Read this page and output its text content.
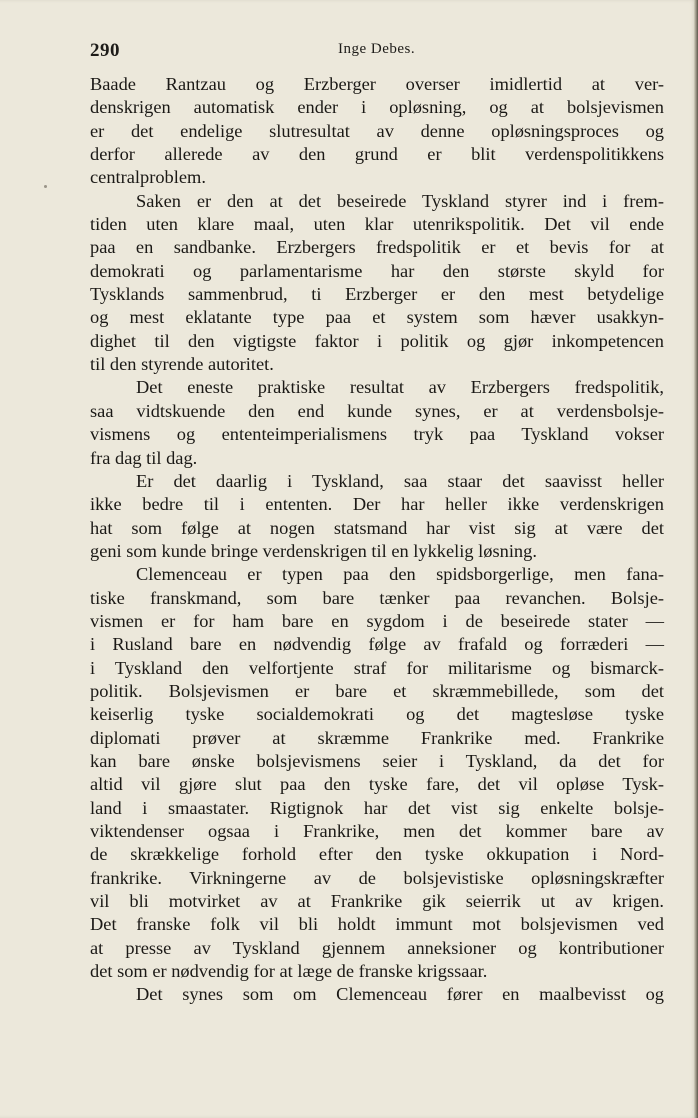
290	Inge Debes.

Baade Rantzau og Erzberger overser imidlertid at ver-
denskrigen automatisk ender i opløsning, og at bolsjevismen
er det endelige slutresultat av denne opløsningsproces og
derfor allerede av den grund er blit verdenspolitikkens
centralproblem.

Saken er den at det beseirede Tyskland styrer ind i frem-
tiden uten klare maal, uten klar utenrikspolitik. Det vil ende
paa en sandbanke. Erzbergers fredspolitik er et bevis for at
demokrati og parlamentarisme har den største skyld for
Tysklands sammenbrud, ti Erzberger er den mest betydelige
og mest eklatante type paa et system som hæver usakkyn-
dighet til den vigtigste faktor i politik og gjør inkompetencen
til den styrende autoritet.

Det eneste praktiske resultat av Erzbergers fredspolitik,
saa vidtskuende den end kunde synes, er at verdensbolsje-
vismens og ententeimperialismens tryk paa Tyskland vokser
fra dag til dag.

Er det daarlig i Tyskland, saa staar det saavisst heller
ikke bedre til i ententen. Der har heller ikke verdenskrigen
hat som følge at nogen statsmand har vist sig at være det
geni som kunde bringe verdenskrigen til en lykkelig løsning.

Clemenceau er typen paa den spidsborgerlige, men fana-
tiske franskmand, som bare tænker paa revanchen. Bolsje-
vismen er for ham bare en sygdom i de beseirede stater —
i Rusland bare en nødvendig følge av frafald og forræderi —
i Tyskland den velfortjente straf for militarisme og bismarck-
politik. Bolsjevismen er bare et skræmmebillede, som det
keiserlig tyske socialdemokrati og det magtesløse tyske
diplomati prøver at skræmme Frankrike med. Frankrike
kan bare ønske bolsjevismens seier i Tyskland, da det for
altid vil gjøre slut paa den tyske fare, det vil opløse Tysk-
land i smaastater. Rigtignok har det vist sig enkelte bolsje-
viktendenser ogsaa i Frankrike, men det kommer bare av
de skrækkelige forhold efter den tyske okkupation i Nord-
frankrike. Virkningerne av de bolsjevistiske opløsningskræfter
vil bli motvirket av at Frankrike gik seierrik ut av krigen.
Det franske folk vil bli holdt immunt mot bolsjevismen ved
at presse av Tyskland gjennem anneksioner og kontributioner
det som er nødvendig for at læge de franske krigssaar.

Det synes som om Clemenceau fører en maalbevisst og
